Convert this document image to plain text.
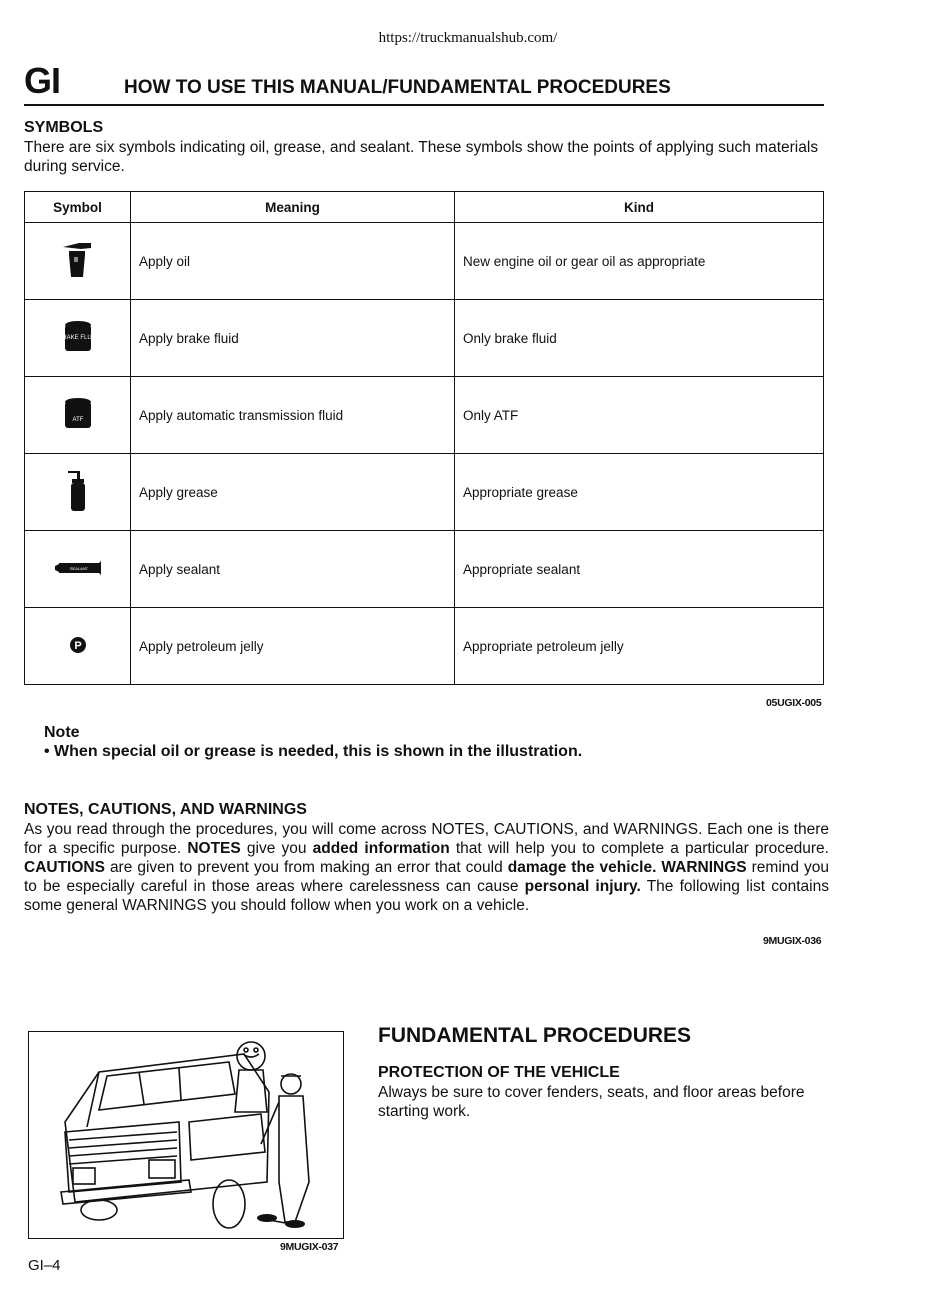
https://truckmanualshub.com/
GI	HOW TO USE THIS MANUAL/FUNDAMENTAL PROCEDURES
SYMBOLS
There are six symbols indicating oil, grease, and sealant. These symbols show the points of applying such materials during service.
Symbol	Meaning	Kind
	Apply oil	New engine oil or gear oil as appropriate

BRAKE FLUID	Apply brake fluid	Only brake fluid

ATF	Apply automatic transmission fluid	Only ATF
	Apply grease	Appropriate grease

SEALANT	Apply sealant	Appropriate sealant

P	Apply petroleum jelly	Appropriate petroleum jelly
05UGIX-005
Note
• When special oil or grease is needed, this is shown in the illustration.
NOTES, CAUTIONS, AND WARNINGS
As you read through the procedures, you will come across NOTES, CAUTIONS, and WARNINGS. Each one is there for a specific purpose. NOTES give you added information that will help you to complete a particular procedure. CAUTIONS are given to prevent you from making an error that could damage the vehicle. WARNINGS remind you to be especially careful in those areas where carelessness can cause personal injury. The following list contains some general WARNINGS you should follow when you work on a vehicle.
9MUGIX-036
9MUGIX-037
FUNDAMENTAL PROCEDURES
PROTECTION OF THE VEHICLE
Always be sure to cover fenders, seats, and floor areas before starting work.
GI–4
